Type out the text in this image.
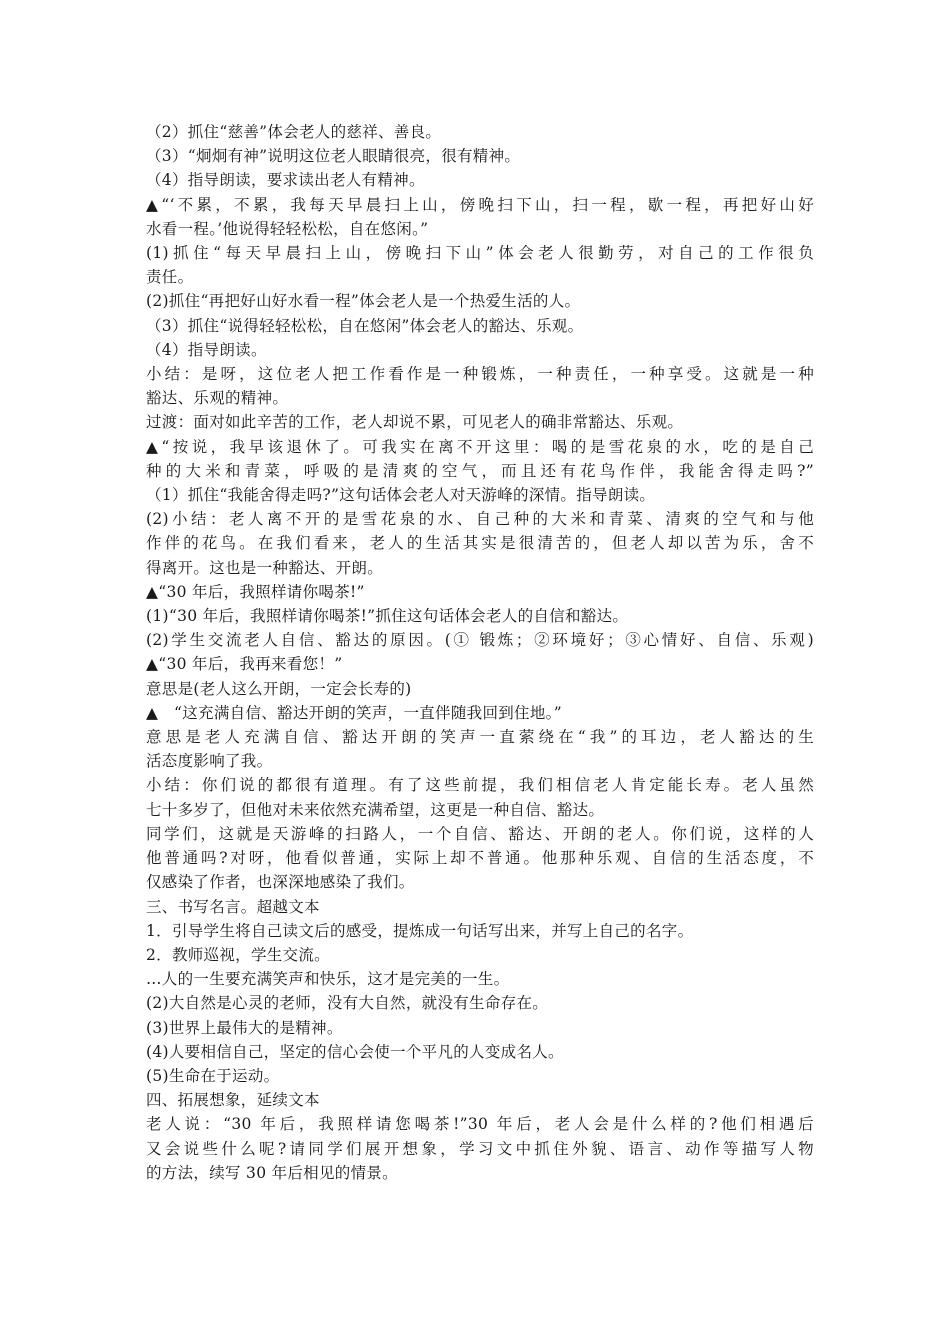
（2）抓住“慈善”体会老人的慈祥、善良。
（3）“炯炯有神”说明这位老人眼睛很亮，很有精神。
（4）指导朗读，要求读出老人有精神。
▲“‘不累，不累，我每天早晨扫上山，傍晚扫下山，扫一程，歇一程，再把好山好
水看一程。’他说得轻轻松松，自在悠闲。”
(1)抓住“每天早晨扫上山，傍晚扫下山”体会老人很勤劳，对自己的工作很负
责任。
(2)抓住“再把好山好水看一程”体会老人是一个热爱生活的人。
（3）抓住“说得轻轻松松，自在悠闲”体会老人的豁达、乐观。
（4）指导朗读。
小结：是呀，这位老人把工作看作是一种锻炼，一种责任，一种享受。这就是一种
豁达、乐观的精神。
过渡：面对如此辛苦的工作，老人却说不累，可见老人的确非常豁达、乐观。
▲“按说，我早该退休了。可我实在离不开这里：喝的是雪花泉的水，吃的是自己
种的大米和青菜，呼吸的是清爽的空气，而且还有花鸟作伴，我能舍得走吗?”
（1）抓住“我能舍得走吗?”这句话体会老人对天游峰的深情。指导朗读。
(2)小结：老人离不开的是雪花泉的水、自己种的大米和青菜、清爽的空气和与他
作伴的花鸟。在我们看来，老人的生活其实是很清苦的，但老人却以苦为乐，舍不
得离开。这也是一种豁达、开朗。
▲“30 年后，我照样请你喝茶!”
(1)“30 年后，我照样请你喝茶!”抓住这句话体会老人的自信和豁达。
(2)学生交流老人自信、豁达的原因。(① 锻炼；②环境好；③心情好、自信、乐观)
▲“30 年后，我再来看您！”
意思是(老人这么开朗，一定会长寿的)
▲　“这充满自信、豁达开朗的笑声，一直伴随我回到住地。”
意思是老人充满自信、豁达开朗的笑声一直萦绕在“我”的耳边，老人豁达的生
活态度影响了我。
小结：你们说的都很有道理。有了这些前提，我们相信老人肯定能长寿。老人虽然
七十多岁了，但他对未来依然充满希望，这更是一种自信、豁达。
同学们，这就是天游峰的扫路人，一个自信、豁达、开朗的老人。你们说，这样的人
他普通吗?对呀，他看似普通，实际上却不普通。他那种乐观、自信的生活态度，不
仅感染了作者，也深深地感染了我们。
三、书写名言。超越文本
1．引导学生将自己读文后的感受，提炼成一句话写出来，并写上自己的名字。
2．教师巡视，学生交流。
…人的一生要充满笑声和快乐，这才是完美的一生。
(2)大自然是心灵的老师，没有大自然，就没有生命存在。
(3)世界上最伟大的是精神。
(4)人要相信自己，坚定的信心会使一个平凡的人变成名人。
(5)生命在于运动。
四、拓展想象，延续文本
老人说：“30 年后，我照样请您喝茶!”30 年后，老人会是什么样的?他们相遇后
又会说些什么呢?请同学们展开想象，学习文中抓住外貌、语言、动作等描写人物
的方法，续写 30 年后相见的情景。
